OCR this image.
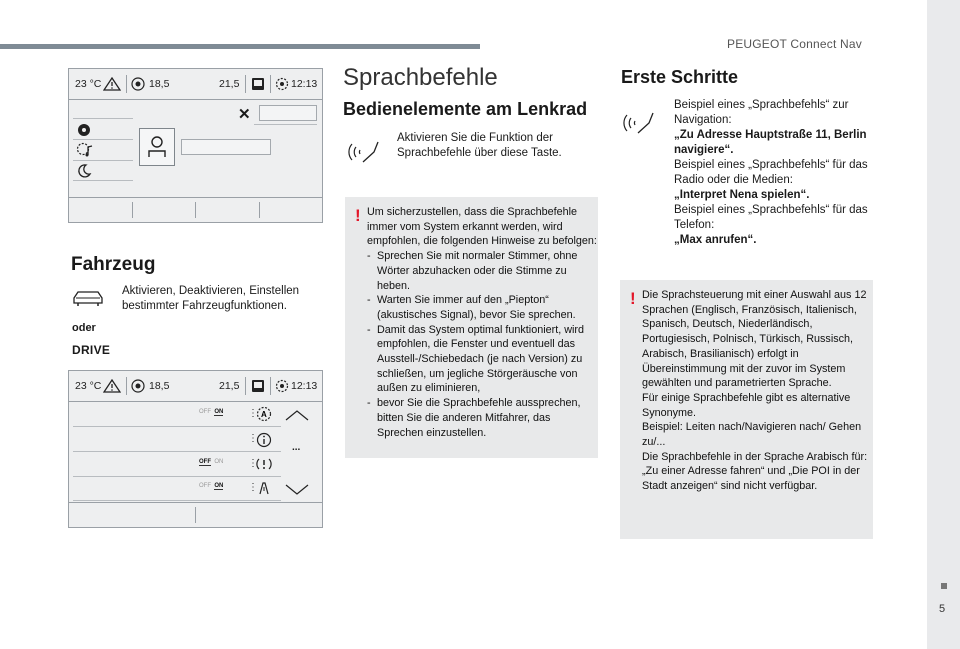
PEUGEOT Connect Nav
5
23 °C	18,5	21,5	12:13
✕
Fahrzeug
Aktivieren, Deaktivieren, Einstellen bestimmter Fahrzeugfunktionen.
oder
DRIVE
23 °C	18,5	21,5	12:13
OFF ON ⋮ A
⋮
...
OFF ON ⋮
OFF ON ⋮
Sprachbefehle
Bedienelemente am Lenkrad
Aktivieren Sie die Funktion der Sprachbefehle über diese Taste.
! Um sicherzustellen, dass die Sprachbefehle immer vom System erkannt werden, wird empfohlen, die folgenden Hinweise zu befolgen:
- Sprechen Sie mit normaler Stimmer, ohne Wörter abzuhacken oder die Stimme zu heben.
- Warten Sie immer auf den „Piepton“ (akustisches Signal), bevor Sie sprechen.
- Damit das System optimal funktioniert, wird empfohlen, die Fenster und eventuell das Ausstell-/Schiebedach (je nach Version) zu schließen, um jegliche Störgeräusche von außen zu eliminieren,
- bevor Sie die Sprachbefehle aussprechen, bitten Sie die anderen Mitfahrer, das Sprechen einzustellen.
Erste Schritte
Beispiel eines „Sprachbefehls“ zur Navigation:
„Zu Adresse Hauptstraße 11, Berlin navigiere“.
Beispiel eines „Sprachbefehls“ für das Radio oder die Medien:
„Interpret Nena spielen“.
Beispiel eines „Sprachbefehls“ für das Telefon:
„Max anrufen“.
! Die Sprachsteuerung mit einer Auswahl aus 12 Sprachen (Englisch, Französisch, Italienisch, Spanisch, Deutsch, Niederländisch, Portugiesisch, Polnisch, Türkisch, Russisch, Arabisch, Brasilianisch) erfolgt in Übereinstimmung mit der zuvor im System gewählten und parametrierten Sprache.
Für einige Sprachbefehle gibt es alternative Synonyme.
Beispiel: Leiten nach/Navigieren nach/ Gehen zu/...
Die Sprachbefehle in der Sprache Arabisch für: „Zu einer Adresse fahren“ und „Die POI in der Stadt anzeigen“ sind nicht verfügbar.
